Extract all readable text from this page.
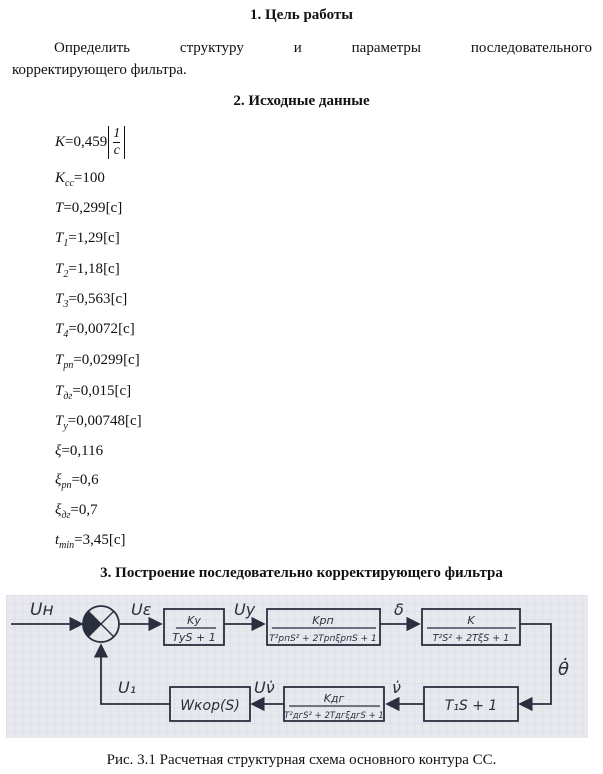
1. Цель работы
Определить	структуру	и	параметры	последовательного
корректирующего фильтра.
2. Исходные данные
$K=0,459 \frac{1}{c}$
$K_{сс}=100$
T=0,299[c]
$T_1=1,29[c]$
$T_2=1,18[c]$
$T_3=0,563[c]$
$T_4=0,0072[c]$
$T_{рп}=0,0299[c]$
$T_{дг}=0,015[c]$
$T_у=0,00748[c]$
ξ=0,116
$\xi_{рп}=0,6$
$\xi_{дг}=0,7$
$t_{min}=3,45[c]$
3. Построение последовательно корректирующего фильтра
Uн	Uε	Uу	δ
θ̇
ν̇
Uν̇
U₁
Kу
TуS + 1
Kрп
T²рпS² + 2TрпξрпS + 1
K
T²S² + 2TξS + 1
T₁S + 1
Kдг
T²дгS² + 2TдгξдгS + 1
Wкор(S)
Рис. 3.1 Расчетная структурная схема основного контура СС.
